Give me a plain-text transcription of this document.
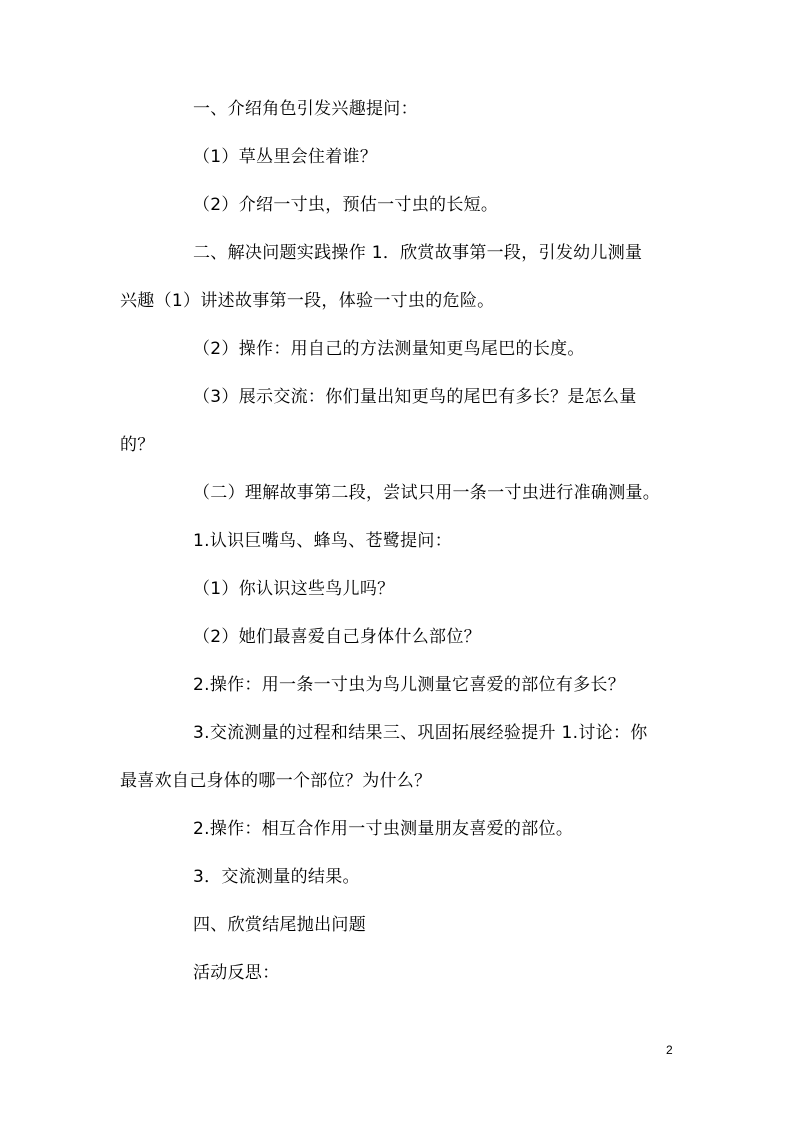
一、介绍角色引发兴趣提问：
（1）草丛里会住着谁？
（2）介绍一寸虫，预估一寸虫的长短。
二、解决问题实践操作 1．欣赏故事第一段，引发幼儿测量
兴趣（1）讲述故事第一段，体验一寸虫的危险。
（2）操作：用自己的方法测量知更鸟尾巴的长度。
（3）展示交流：你们量出知更鸟的尾巴有多长？是怎么量
的？
（二）理解故事第二段，尝试只用一条一寸虫进行准确测量。
1.认识巨嘴鸟、蜂鸟、苍鹭提问：
（1）你认识这些鸟儿吗？
（2）她们最喜爱自己身体什么部位？
2.操作：用一条一寸虫为鸟儿测量它喜爱的部位有多长？
3.交流测量的过程和结果三、巩固拓展经验提升 1.讨论：你
最喜欢自己身体的哪一个部位？为什么？
2.操作：相互合作用一寸虫测量朋友喜爱的部位。
3．交流测量的结果。
四、欣赏结尾抛出问题
活动反思：
2
